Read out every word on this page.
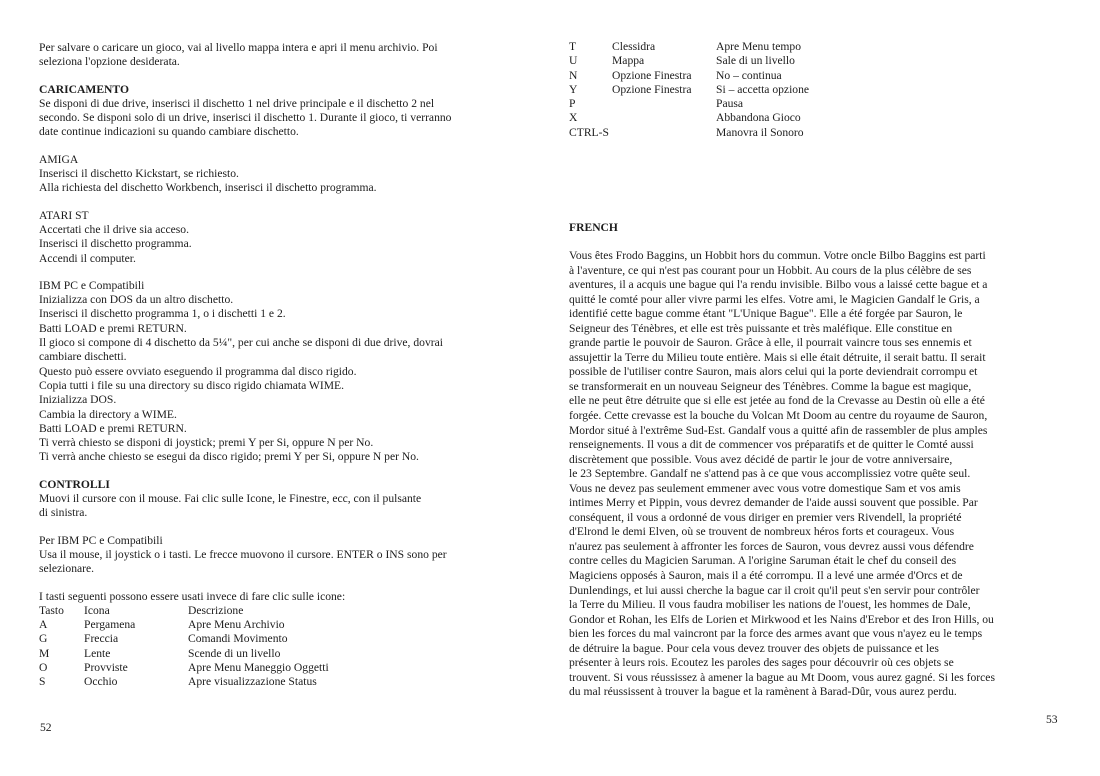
Per salvare o caricare un gioco, vai al livello mappa intera e apri il menu archivio. Poi
seleziona l'opzione desiderata.
CARICAMENTO
Se disponi di due drive, inserisci il dischetto 1 nel drive principale e il dischetto 2 nel
secondo. Se disponi solo di un drive, inserisci il dischetto 1. Durante il gioco, ti verranno
date continue indicazioni su quando cambiare dischetto.
AMIGA
Inserisci il dischetto Kickstart, se richiesto.
Alla richiesta del dischetto Workbench, inserisci il dischetto programma.
ATARI ST
Accertati che il drive sia acceso.
Inserisci il dischetto programma.
Accendi il computer.
IBM PC e Compatibili
Inizializza con DOS da un altro dischetto.
Inserisci il dischetto programma 1, o i dischetti 1 e 2.
Batti LOAD e premi RETURN.
Il gioco si compone di 4 dischetto da 5¼", per cui anche se disponi di due drive, dovrai
cambiare dischetti.
Questo può essere ovviato eseguendo il programma dal disco rigido.
Copia tutti i file su una directory su disco rigido chiamata WIME.
Inizializza DOS.
Cambia la directory a WIME.
Batti LOAD e premi RETURN.
Ti verrà chiesto se disponi di joystick; premi Y per Si, oppure N per No.
Ti verrà anche chiesto se esegui da disco rigido; premi Y per Si, oppure N per No.
CONTROLLI
Muovi il cursore con il mouse. Fai clic sulle Icone, le Finestre, ecc, con il pulsante
di sinistra.
Per IBM PC e Compatibili
Usa il mouse, il joystick o i tasti. Le frecce muovono il cursore. ENTER o INS sono per
selezionare.
I tasti seguenti possono essere usati invece di fare clic sulle icone:
Tasto	Icona	Descrizione
A	Pergamena	Apre Menu Archivio
G	Freccia	Comandi Movimento
M	Lente	Scende di un livello
O	Provviste	Apre Menu Maneggio Oggetti
S	Occhio	Apre visualizzazione Status
52
T	Clessidra	Apre Menu tempo
U	Mappa	Sale di un livello
N	Opzione Finestra	No – continua
Y	Opzione Finestra	Si – accetta opzione
P		Pausa
X		Abbandona Gioco
CTRL-S		Manovra il Sonoro
FRENCH
Vous êtes Frodo Baggins, un Hobbit hors du commun. Votre oncle Bilbo Baggins est parti
à l'aventure, ce qui n'est pas courant pour un Hobbit. Au cours de la plus célèbre de ses
aventures, il a acquis une bague qui l'a rendu invisible. Bilbo vous a laissé cette bague et a
quitté le comté pour aller vivre parmi les elfes. Votre ami, le Magicien Gandalf le Gris, a
identifié cette bague comme étant "L'Unique Bague". Elle a été forgée par Sauron, le
Seigneur des Ténèbres, et elle est très puissante et très maléfique. Elle constitue en
grande partie le pouvoir de Sauron. Grâce à elle, il pourrait vaincre tous ses ennemis et
assujettir la Terre du Milieu toute entière. Mais si elle était détruite, il serait battu. Il serait
possible de l'utiliser contre Sauron, mais alors celui qui la porte deviendrait corrompu et
se transformerait en un nouveau Seigneur des Ténèbres. Comme la bague est magique,
elle ne peut être détruite que si elle est jetée au fond de la Crevasse au Destin où elle a été
forgée. Cette crevasse est la bouche du Volcan Mt Doom au centre du royaume de Sauron,
Mordor situé à l'extrême Sud-Est. Gandalf vous a quitté afin de rassembler de plus amples
renseignements. Il vous a dit de commencer vos préparatifs et de quitter le Comté aussi
discrètement que possible. Vous avez décidé de partir le jour de votre anniversaire,
le 23 Septembre. Gandalf ne s'attend pas à ce que vous accomplissiez votre quête seul.
Vous ne devez pas seulement emmener avec vous votre domestique Sam et vos amis
intimes Merry et Pippin, vous devrez demander de l'aide aussi souvent que possible. Par
conséquent, il vous a ordonné de vous diriger en premier vers Rivendell, la propriété
d'Elrond le demi Elven, où se trouvent de nombreux héros forts et courageux. Vous
n'aurez pas seulement à affronter les forces de Sauron, vous devrez aussi vous défendre
contre celles du Magicien Saruman. A l'origine Saruman était le chef du conseil des
Magiciens opposés à Sauron, mais il a été corrompu. Il a levé une armée d'Orcs et de
Dunlendings, et lui aussi cherche la bague car il croit qu'il peut s'en servir pour contrôler
la Terre du Milieu. Il vous faudra mobiliser les nations de l'ouest, les hommes de Dale,
Gondor et Rohan, les Elfs de Lorien et Mirkwood et les Nains d'Erebor et des Iron Hills, ou
bien les forces du mal vaincront par la force des armes avant que vous n'ayez eu le temps
de détruire la bague. Pour cela vous devez trouver des objets de puissance et les
présenter à leurs rois. Ecoutez les paroles des sages pour découvrir où ces objets se
trouvent. Si vous réussissez à amener la bague au Mt Doom, vous aurez gagné. Si les forces
du mal réussissent à trouver la bague et la ramènent à Barad-Dûr, vous aurez perdu.
53
